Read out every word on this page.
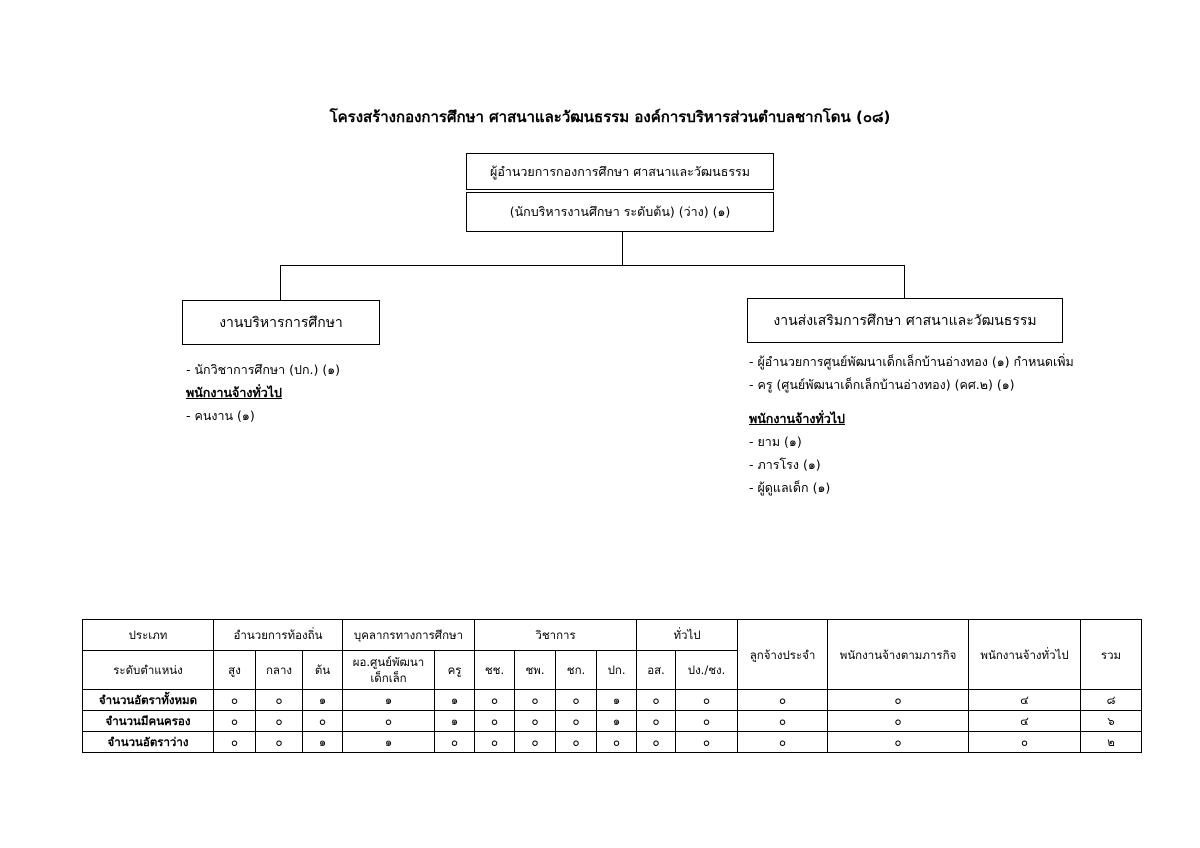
โครงสร้างกองการศึกษา ศาสนาและวัฒนธรรม องค์การบริหารส่วนตำบลชากโดน (๐๘)
ผู้อำนวยการกองการศึกษา ศาสนาและวัฒนธรรม
(นักบริหารงานศึกษา ระดับต้น) (ว่าง) (๑)
งานบริหารการศึกษา	งานส่งเสริมการศึกษา ศาสนาและวัฒนธรรม
- นักวิชาการศึกษา (ปก.) (๑)
พนักงานจ้างทั่วไป
- คนงาน (๑)
- ผู้อำนวยการศูนย์พัฒนาเด็กเล็กบ้านอ่างทอง (๑) กำหนดเพิ่ม
- ครู (ศูนย์พัฒนาเด็กเล็กบ้านอ่างทอง) (คศ.๒) (๑)
พนักงานจ้างทั่วไป
- ยาม (๑)
- ภารโรง (๑)
- ผู้ดูแลเด็ก (๑)
ประเภท	อำนวยการท้องถิ่น			บุคลากรทางการศึกษา		วิชาการ				ทั่วไป		ลูกจ้างประจำ	พนักงานจ้างตามภารกิจ	พนักงานจ้างทั่วไป	รวม
ระดับตำแหน่ง	สูง	กลาง	ต้น	ผอ.ศูนย์พัฒนา เด็กเล็ก	ครู	ชช.	ชพ.	ชก.	ปก.	อส.	ปง./ชง.				
จำนวนอัตราทั้งหมด	๐	๐	๑	๑	๑	๐	๐	๐	๑	๐	๐	๐	๐	๔	๘
จำนวนมีคนครอง	๐	๐	๐	๐	๑	๐	๐	๐	๑	๐	๐	๐	๐	๔	๖
จำนวนอัตราว่าง	๐	๐	๑	๑	๐	๐	๐	๐	๐	๐	๐	๐	๐	๐	๒
